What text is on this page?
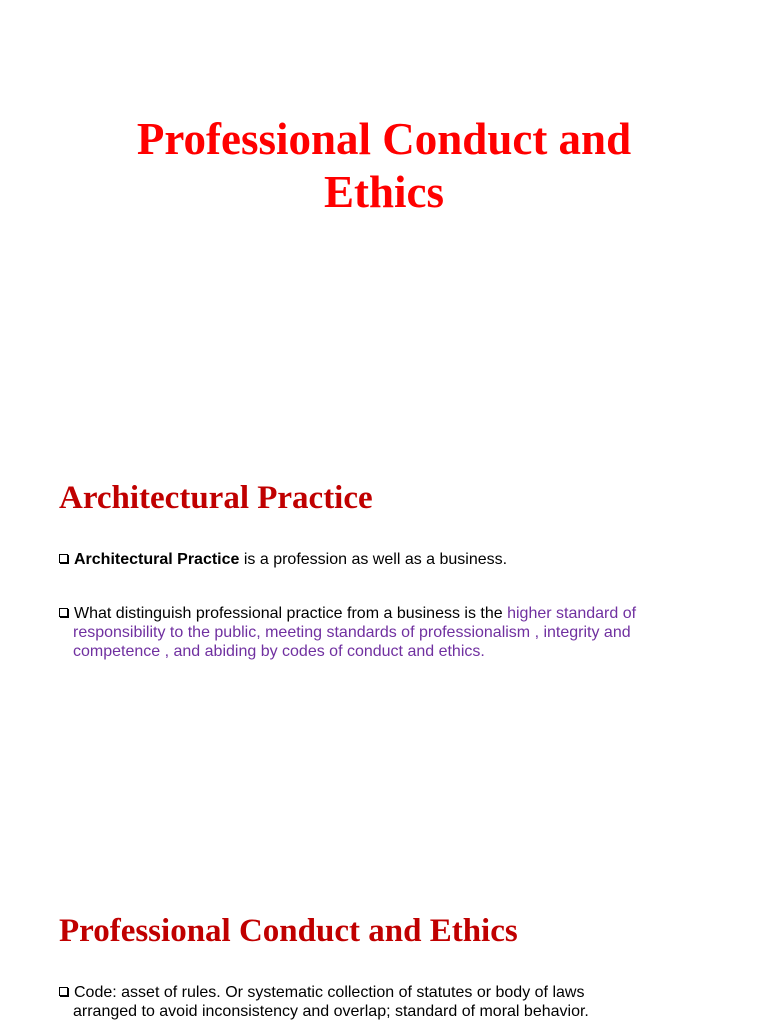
Professional Conduct and
Ethics
Architectural Practice

Architectural Practice is a profession as well as a business.

What distinguish professional practice from a business is the higher standard of
responsibility to the public, meeting standards of professionalism , integrity and
competence , and abiding by codes of conduct and ethics.

Professional Conduct and Ethics

Code: asset of rules. Or systematic collection of statutes or body of laws
arranged to avoid inconsistency and overlap; standard of moral behavior.
